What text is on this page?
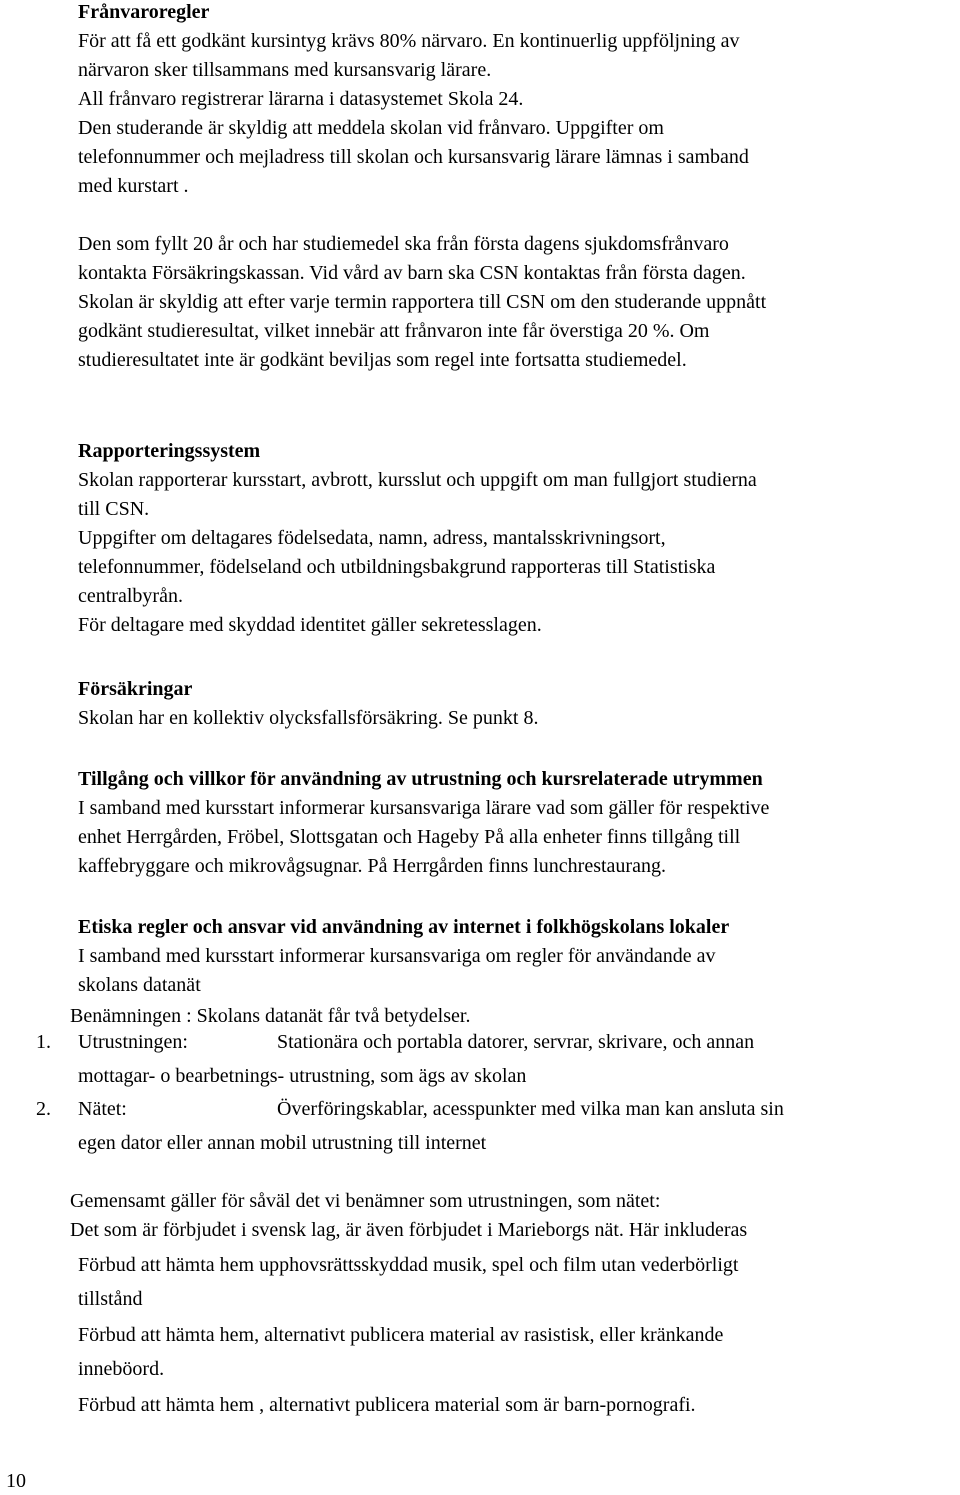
Frånvaroregler
För att få ett godkänt kursintyg krävs 80% närvaro. En kontinuerlig uppföljning av
närvaron sker tillsammans med kursansvarig lärare.
All frånvaro registrerar lärarna i datasystemet Skola 24.
Den studerande är skyldig att meddela skolan vid frånvaro. Uppgifter om
telefonnummer och mejladress till skolan och kursansvarig lärare lämnas i samband
med kurstart .
Den som fyllt 20 år och har studiemedel ska från första dagens sjukdomsfrånvaro
kontakta Försäkringskassan. Vid vård av barn ska CSN kontaktas från första dagen.
Skolan är skyldig att efter varje termin rapportera till CSN om den studerande uppnått
godkänt studieresultat, vilket innebär att frånvaron inte får överstiga 20 %. Om
studieresultatet inte är godkänt beviljas som regel inte fortsatta studiemedel.
Rapporteringssystem
Skolan rapporterar kursstart, avbrott, kursslut och uppgift om man fullgjort studierna
till CSN.
Uppgifter om deltagares födelsedata, namn, adress, mantalsskrivningsort,
telefonnummer, födelseland och utbildningsbakgrund rapporteras till Statistiska
centralbyrån.
För deltagare med skyddad identitet gäller sekretesslagen.
Försäkringar
Skolan har en kollektiv olycksfallsförsäkring. Se punkt 8.
Tillgång och villkor för användning av utrustning och kursrelaterade utrymmen
I samband med kursstart informerar kursansvariga lärare vad som gäller för respektive
enhet Herrgården, Fröbel, Slottsgatan och Hageby På alla enheter finns tillgång till
kaffebryggare och mikrovågsugnar. På Herrgården finns lunchrestaurang.
Etiska regler och ansvar vid användning av internet i folkhögskolans lokaler
I samband med kursstart informerar kursansvariga om regler för användande av
skolans datanät
Benämningen : Skolans datanät får två betydelser.
1. Utrustningen:	Stationära och portabla datorer, servrar, skrivare, och annan
mottagar- o bearbetnings- utrustning, som ägs av skolan
2. Nätet:	Överföringskablar, acesspunkter med vilka man kan ansluta sin
egen dator eller annan mobil utrustning till internet
Gemensamt gäller för såväl det vi benämner som utrustningen, som nätet:
Det som är förbjudet i svensk lag, är även förbjudet i Marieborgs nät. Här inkluderas
Förbud att hämta hem upphovsrättsskyddad musik, spel och film utan vederbörligt
tillstånd
Förbud att hämta hem, alternativt publicera material av rasistisk, eller kränkande
inneböord.
Förbud att hämta hem , alternativt publicera material som är barn-pornografi.
10
